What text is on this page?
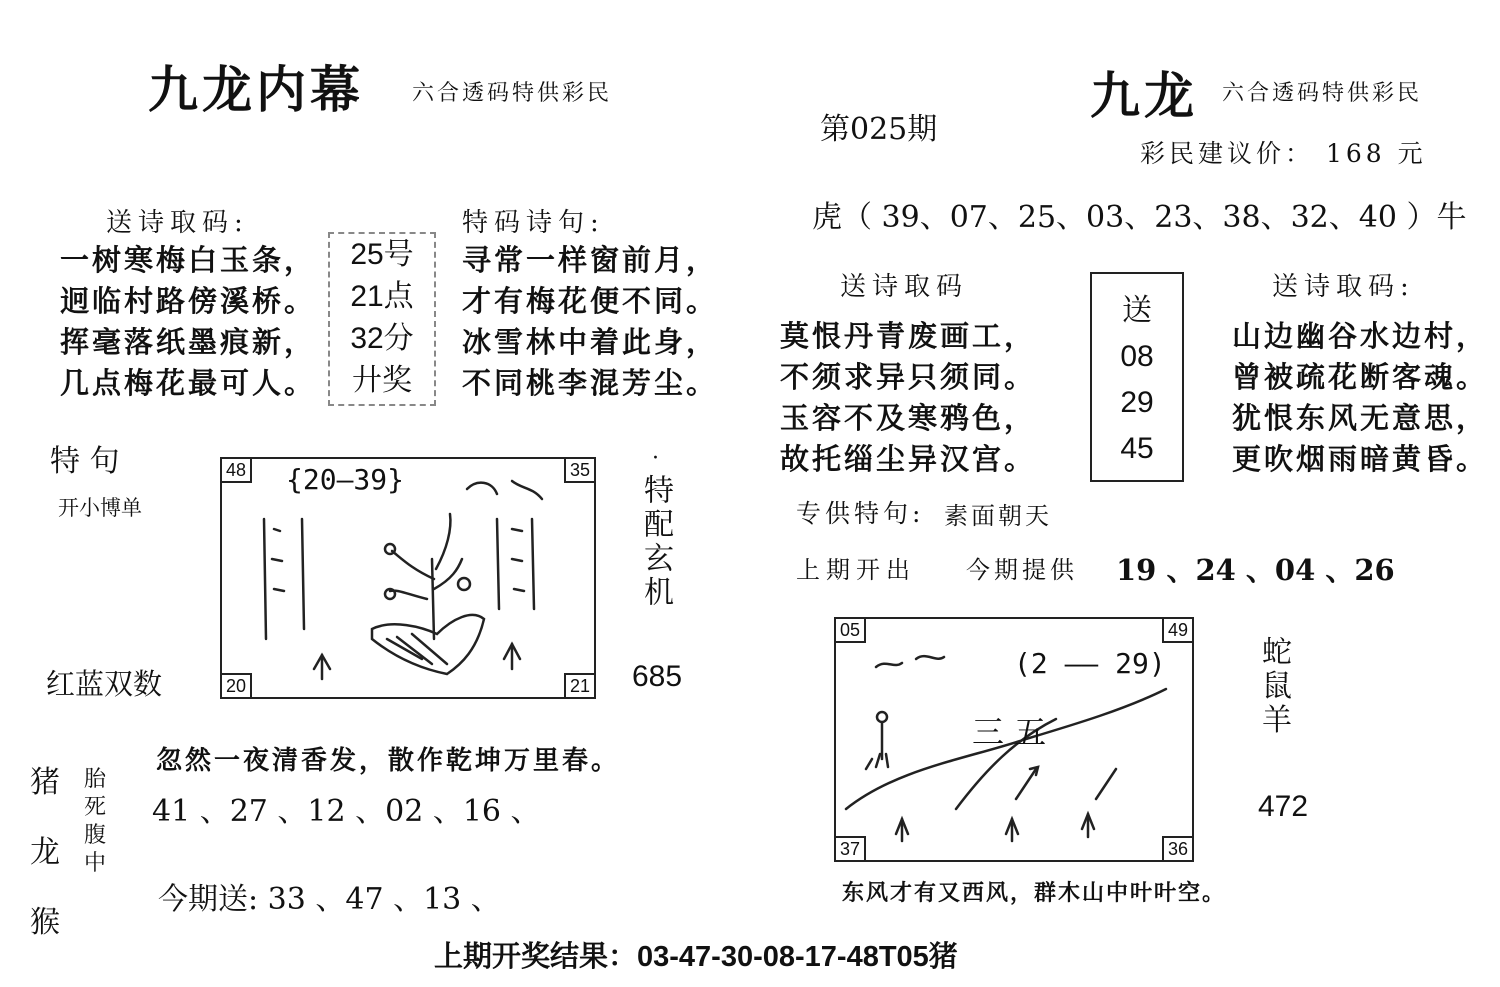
九龙内幕 六合透码特供彩民
第025期
九龙 六合透码特供彩民
彩民建议价： 168 元
送诗取码:
一树寒梅白玉条，
迥临村路傍溪桥。
挥毫落纸墨痕新，
几点梅花最可人。
25号
21点
32分
廾奖
特码诗句:
寻常一样窗前月，
才有梅花便不同。
冰雪林中着此身，
不同桃李混芳尘。
特 句
开小博单
红蓝双数
{20—39}
48	35
20	21
·
特配玄机
685
猪
龙
猴
胎
死
腹
中
忽然一夜清香发，散作乾坤万里春。
41 、27 、12 、02 、16 、
今期送: 33 、47 、13 、
虎（ 39、07、25、03、23、38、32、40 ）牛
送诗取码
莫恨丹青废画工，
不须求异只须同。
玉容不及寒鸦色，
故托缁尘异汉宫。
送
08
29
45
送诗取码:
山边幽谷水边村，
曾被疏花断客魂。
犹恨东风无意思，
更吹烟雨暗黄昏。
专供特句: 素面朝天
上期开出 今期提供 19 、24 、04 、26
(2 —— 29)
三 五
05	49
37	36
蛇
鼠
羊
472
东风才有又西风，群木山中叶叶空。
上期开奖结果：03-47-30-08-17-48T05猪
